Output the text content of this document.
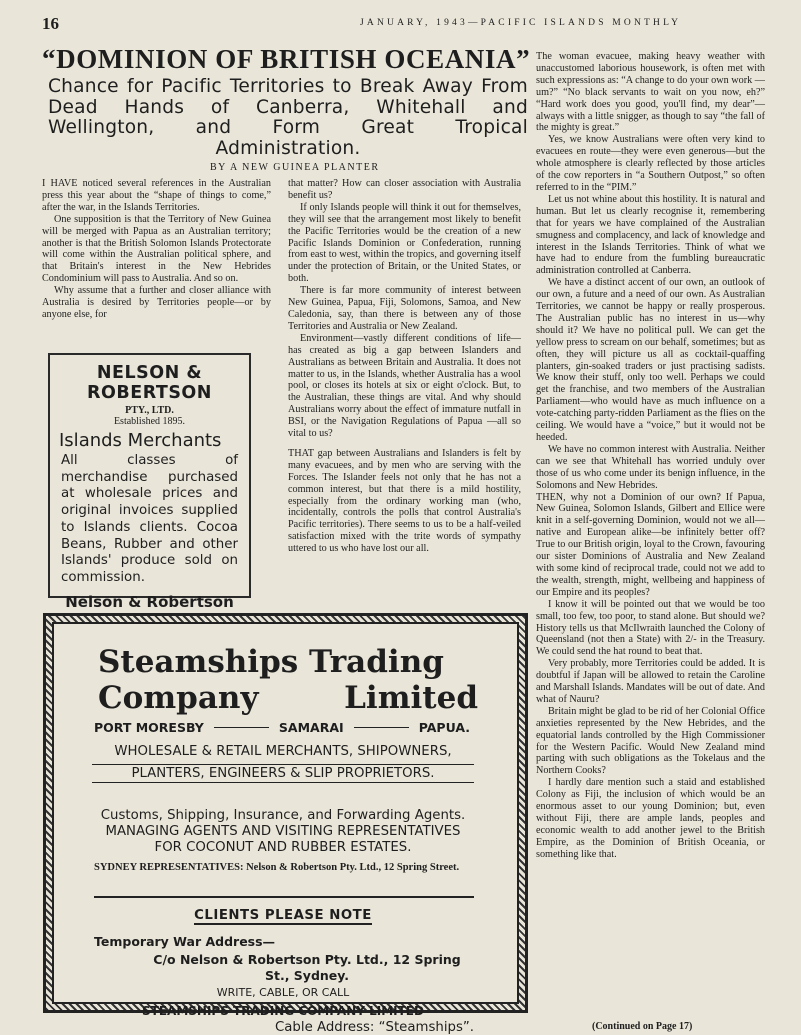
16	JANUARY, 1943—PACIFIC ISLANDS MONTHLY
“DOMINION OF BRITISH OCEANIA”
Chance for Pacific Territories to Break Away From Dead Hands of Canberra, Whitehall and Wellington, and Form Great Tropical Administration.
BY A NEW GUINEA PLANTER

I HAVE noticed several references in the Australian press this year about the “shape of things to come,” after the war, in the Islands Territories.

One supposition is that the Territory of New Guinea will be merged with Papua as an Australian territory; another is that the British Solomon Islands Protectorate will come within the Australian political sphere, and that Britain's interest in the New Hebrides Condominium will pass to Australia. And so on.

Why assume that a further and closer alliance with Australia is desired by Territories people—or by anyone else, for

NELSON & ROBERTSON
PTY., LTD.
Established 1895.
Islands Merchants
All classes of merchandise purchased at wholesale prices and original invoices supplied to Islands clients. Cocoa Beans, Rubber and other Islands' produce sold on commission.
Nelson & Robertson

that matter? How can closer association with Australia benefit us?

If only Islands people will think it out for themselves, they will see that the arrangement most likely to benefit the Pacific Territories would be the creation of a new Pacific Islands Dominion or Confederation, running from east to west, within the tropics, and governing itself under the protection of Britain, or the United States, or both.

There is far more community of interest between New Guinea, Papua, Fiji, Solomons, Samoa, and New Caledonia, say, than there is between any of those Territories and Australia or New Zealand.

Environment—vastly different conditions of life—has created as big a gap between Islanders and Australians as between Britain and Australia. It does not matter to us, in the Islands, whether Australia has a wool pool, or closes its hotels at six or eight o'clock. But, to the Australian, these things are vital. And why should Australians worry about the effect of immature nutfall in BSI, or the Navigation Regulations of Papua —all so vital to us?

THAT gap between Australians and Islanders is felt by many evacuees, and by men who are serving with the Forces. The Islander feels not only that he has not a common interest, but that there is a mild hostility, especially from the ordinary working man (who, incidentally, controls the polls that control Australia's Pacific territories). There seems to us to be a half-veiled satisfaction mixed with the trite words of sympathy uttered to us who have lost our all.

The woman evacuee, making heavy weather with unaccustomed laborious housework, is often met with such expressions as: “A change to do your own work —um?” “No black servants to wait on you now, eh?” “Hard work does you good, you'll find, my dear”—always with a little snigger, as though to say “the fall of the mighty is great.”

Yes, we know Australians were often very kind to evacuees en route—they were even generous—but the whole atmosphere is clearly reflected by those articles of the cow reporters in “a Southern Outpost,” so often referred to in the “PIM.”

Let us not whine about this hostility. It is natural and human. But let us clearly recognise it, remembering that for years we have complained of the Australian smugness and complacency, and lack of knowledge and interest in the Islands Territories. Think of what we have had to endure from the fumbling bureaucratic administration controlled at Canberra.

We have a distinct accent of our own, an outlook of our own, a future and a need of our own. As Australian Territories, we cannot be happy or really prosperous. The Australian public has no interest in us—why should it? We have no political pull. We can get the yellow press to scream on our behalf, sometimes; but as often, they will picture us all as cocktail-quaffing planters, gin-soaked traders or just practising sadists. We know their stuff, only too well. Perhaps we could get the franchise, and two members of the Australian Parliament—who would have as much influence on a vote-catching party-ridden Parliament as the flies on the ceiling. We would have a “voice,” but it would not be heeded.

We have no common interest with Australia. Neither can we see that Whitehall has worried unduly over those of us who come under its benign influence, in the Solomons and New Hebrides.

THEN, why not a Dominion of our own? If Papua, New Guinea, Solomon Islands, Gilbert and Ellice were knit in a self-governing Dominion, would not we all—native and European alike—be infinitely better off? True to our British origin, loyal to the Crown, favouring our sister Dominions of Australia and New Zealand with some kind of reciprocal trade, could not we add to the wealth, strength, might, wellbeing and happiness of our Empire and its peoples?

I know it will be pointed out that we would be too small, too few, too poor, to stand alone. But should we? History tells us that McIlwraith launched the Colony of Queensland (not then a State) with 2/- in the Treasury. We could send the hat round to beat that.

Very probably, more Territories could be added. It is doubtful if Japan will be allowed to retain the Caroline and Marshall Islands. Mandates will be out of date. And what of Nauru?

Britain might be glad to be rid of her Colonial Office anxieties represented by the New Hebrides, and the equatorial lands controlled by the High Commissioner for the Western Pacific. Would New Zealand mind parting with such obligations as the Tokelaus and the Northern Cooks?

I hardly dare mention such a staid and established Colony as Fiji, the inclusion of which would be an enormous asset to our young Dominion; but, even without Fiji, there are ample lands, peoples and economic wealth to add another jewel to the British Empire, as the Dominion of British Oceania, or something like that.

Steamships Trading
Company	Limited
PORT MORESBY	SAMARAI	PAPUA.
WHOLESALE & RETAIL MERCHANTS, SHIPOWNERS,
PLANTERS, ENGINEERS & SLIP PROPRIETORS.
Customs, Shipping, Insurance, and Forwarding Agents. MANAGING AGENTS AND VISITING REPRESENTATIVES FOR COCONUT AND RUBBER ESTATES.
SYDNEY REPRESENTATIVES: Nelson & Robertson Pty. Ltd., 12 Spring Street.
CLIENTS PLEASE NOTE
Temporary War Address—
C/o Nelson & Robertson Pty. Ltd., 12 Spring St., Sydney.
WRITE, CABLE, OR CALL
STEAMSHIPS TRADING COMPANY LIMITED
Cable Address: “Steamships”.	(Continued on Page 17)
